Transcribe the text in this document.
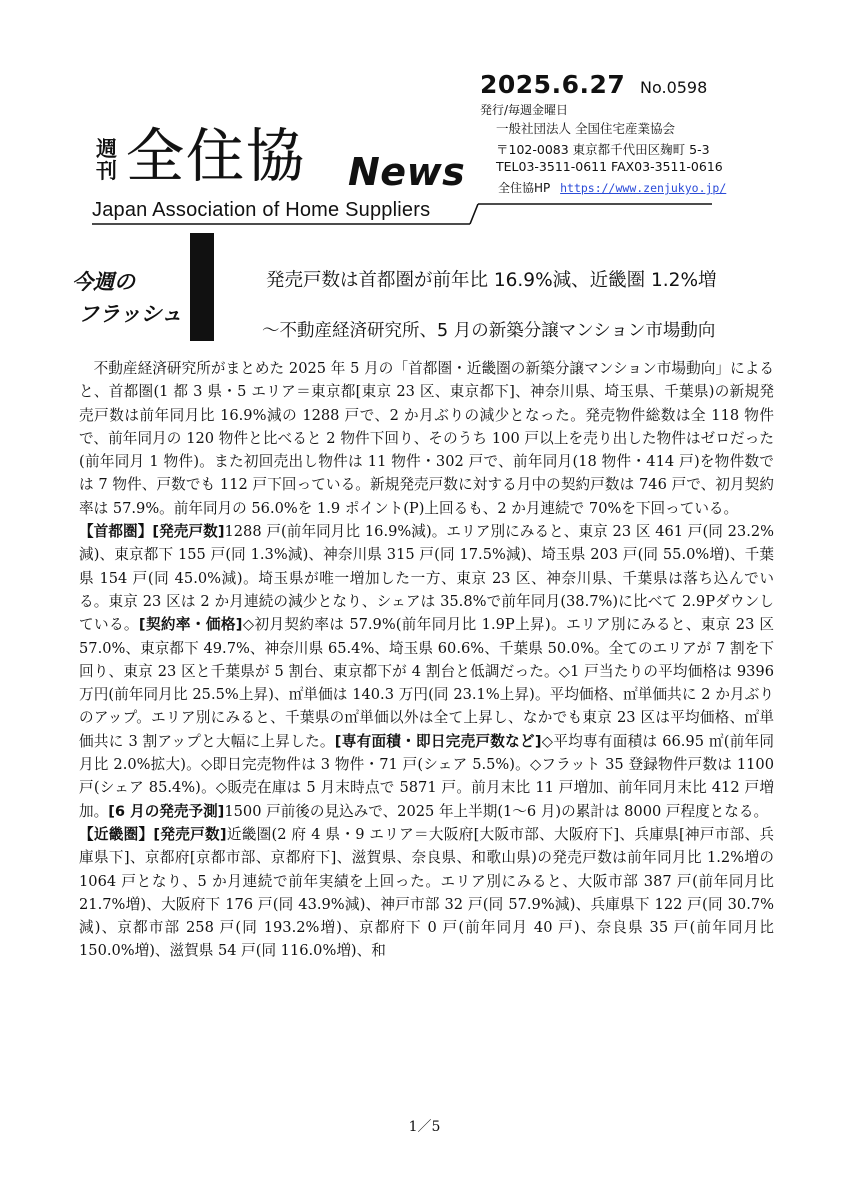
2025.6.27 No.0598
発行/毎週金曜日
一般社団法人 全国住宅産業協会
〒102-0083 東京都千代田区麹町 5-3
TEL03-3511-0611 FAX03-3511-0616
全住協HP https://www.zenjukyo.jp/
週刊 全住協 News
Japan Association of Home Suppliers
今週の
フラッシュ
発売戸数は首都圏が前年比 16.9%減、近畿圏 1.2%増
～不動産経済研究所、5 月の新築分譲マンション市場動向

不動産経済研究所がまとめた 2025 年 5 月の「首都圏・近畿圏の新築分譲マンション市場動向」によると、首都圏(1 都 3 県・5 エリア＝東京都[東京 23 区、東京都下]、神奈川県、埼玉県、千葉県)の新規発売戸数は前年同月比 16.9%減の 1288 戸で、2 か月ぶりの減少となった。発売物件総数は全 118 物件で、前年同月の 120 物件と比べると 2 物件下回り、そのうち 100 戸以上を売り出した物件はゼロだった(前年同月 1 物件)。また初回売出し物件は 11 物件・302 戸で、前年同月(18 物件・414 戸)を物件数では 7 物件、戸数でも 112 戸下回っている。新規発売戸数に対する月中の契約戸数は 746 戸で、初月契約率は 57.9%。前年同月の 56.0%を 1.9 ポイント(P)上回るも、2 か月連続で 70%を下回っている。

【首都圏】[発売戸数]1288 戸(前年同月比 16.9%減)。エリア別にみると、東京 23 区 461 戸(同 23.2%減)、東京都下 155 戸(同 1.3%減)、神奈川県 315 戸(同 17.5%減)、埼玉県 203 戸(同 55.0%増)、千葉県 154 戸(同 45.0%減)。埼玉県が唯一増加した一方、東京 23 区、神奈川県、千葉県は落ち込んでいる。東京 23 区は 2 か月連続の減少となり、シェアは 35.8%で前年同月(38.7%)に比べて 2.9Pダウンしている。[契約率・価格]◇初月契約率は 57.9%(前年同月比 1.9P上昇)。エリア別にみると、東京 23 区 57.0%、東京都下 49.7%、神奈川県 65.4%、埼玉県 60.6%、千葉県 50.0%。全てのエリアが 7 割を下回り、東京 23 区と千葉県が 5 割台、東京都下が 4 割台と低調だった。◇1 戸当たりの平均価格は 9396 万円(前年同月比 25.5%上昇)、㎡単価は 140.3 万円(同 23.1%上昇)。平均価格、㎡単価共に 2 か月ぶりのアップ。エリア別にみると、千葉県の㎡単価以外は全て上昇し、なかでも東京 23 区は平均価格、㎡単価共に 3 割アップと大幅に上昇した。[専有面積・即日完売戸数など]◇平均専有面積は 66.95 ㎡(前年同月比 2.0%拡大)。◇即日完売物件は 3 物件・71 戸(シェア 5.5%)。◇フラット 35 登録物件戸数は 1100 戸(シェア 85.4%)。◇販売在庫は 5 月末時点で 5871 戸。前月末比 11 戸増加、前年同月末比 412 戸増加。[6 月の発売予測]1500 戸前後の見込みで、2025 年上半期(1～6 月)の累計は 8000 戸程度となる。

【近畿圏】[発売戸数]近畿圏(2 府 4 県・9 エリア＝大阪府[大阪市部、大阪府下]、兵庫県[神戸市部、兵庫県下]、京都府[京都市部、京都府下]、滋賀県、奈良県、和歌山県)の発売戸数は前年同月比 1.2%増の 1064 戸となり、5 か月連続で前年実績を上回った。エリア別にみると、大阪市部 387 戸(前年同月比 21.7%増)、大阪府下 176 戸(同 43.9%減)、神戸市部 32 戸(同 57.9%減)、兵庫県下 122 戸(同 30.7%減)、京都市部 258 戸(同 193.2%増)、京都府下 0 戸(前年同月 40 戸)、奈良県 35 戸(前年同月比 150.0%増)、滋賀県 54 戸(同 116.0%増)、和

1／5
